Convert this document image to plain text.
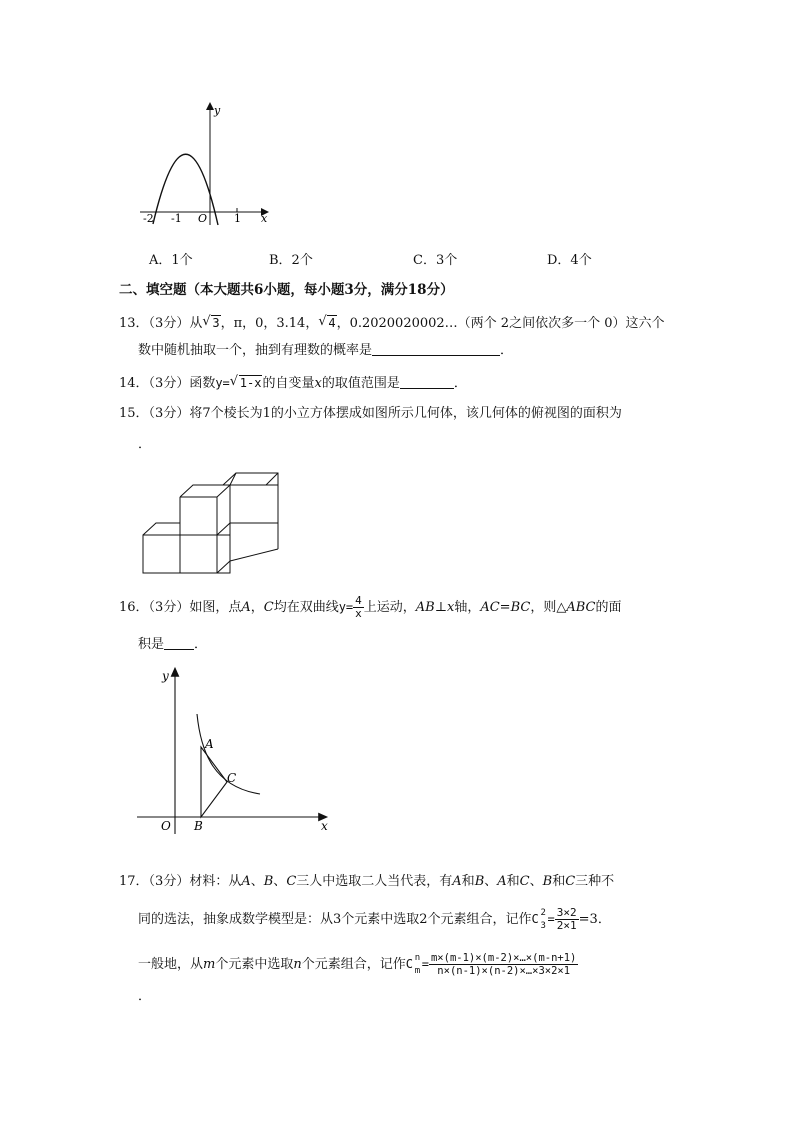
y
x
-2 -1 O 1
A．1个	B．2个	C．3个	D．4个
二、填空题（本大题共6小题，每小题3分，满分18分）
13．（3分）从 √ 3，π，0，3.14， √ 4，0.2020020002…（两个 2之间依次多一个 0）这六个
数中随机抽取一个，抽到有理数的概率是	．
14．（3分）函数y= √ 1-x的自变量x的取值范围是	．
15．（3分）将7个棱长为1的小立方体摆成如图所示几何体，该几何体的俯视图的面积为
．
16．（3分）如图，点A，C均在双曲线$y= \frac{4}{x}$ 上运动，AB⊥x轴，AC=BC，则△ABC的面
积是 ．
y
x
O B
A
C
17．（3分）材料：从A、B、C三人中选取二人当代表，有A和B、A和C、B和C三种不
同的选法，抽象成数学模型是：从3个元素中选取2个元素组合，记作C 2
$3 = \frac{3\times 2}{2\times 1} =3$．
一般地，从m个元素中选取n个元素组合，记作C n
$m = \frac{m\times(m-1)\times(m-2)\times\dots\times(m-n+1)}{n\times(n-1)\times(n-2)\times\dots\times 3\times 2\times 1}$
．
